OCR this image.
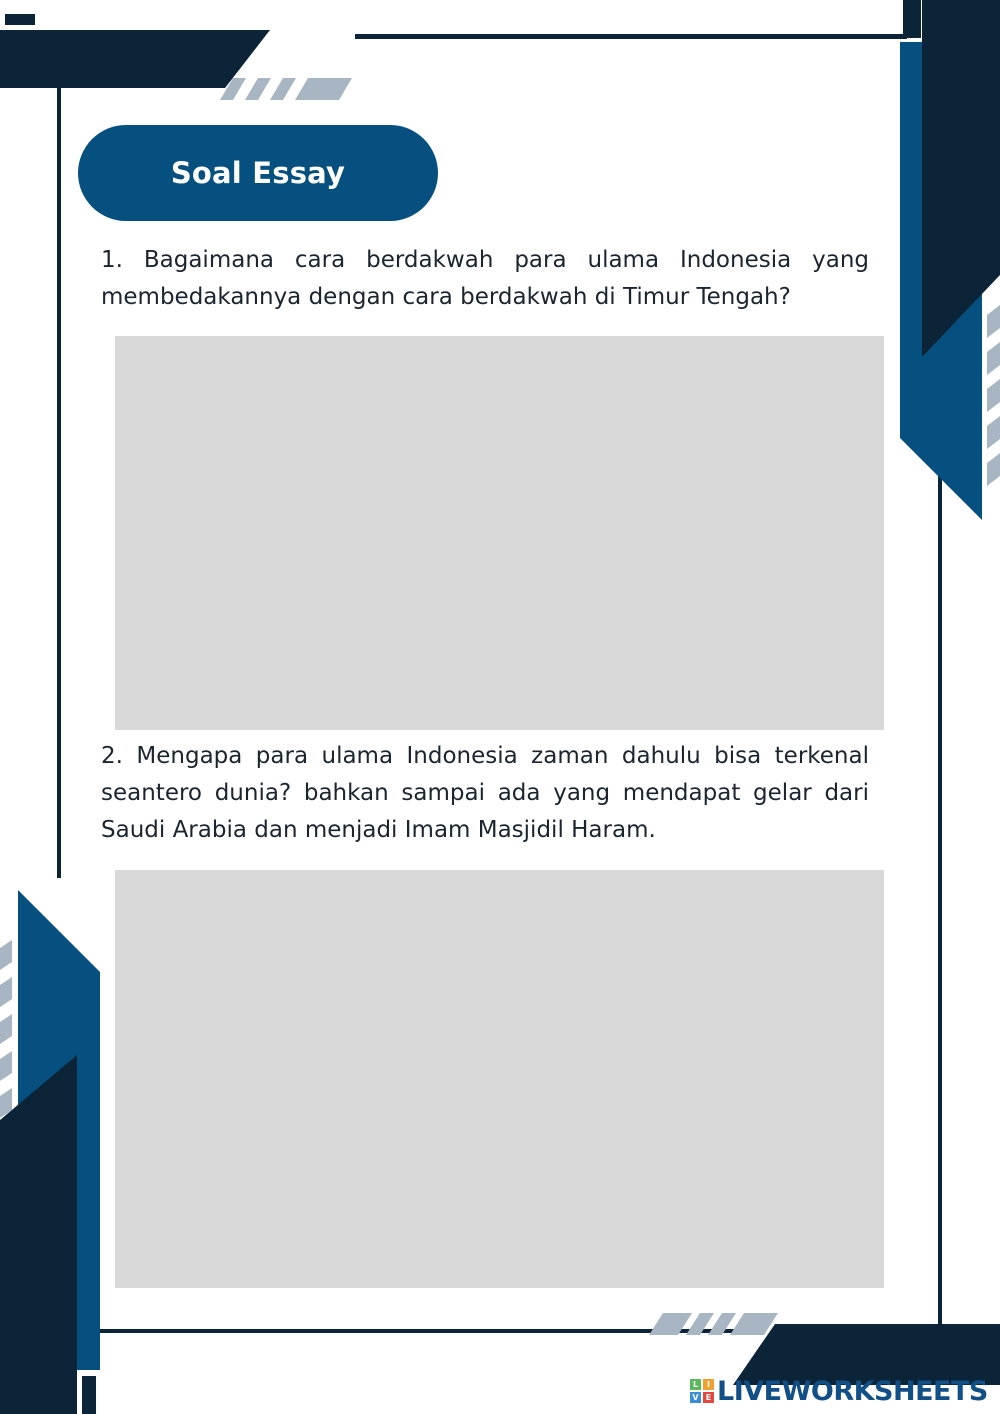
Soal Essay
1. Bagaimana cara berdakwah para ulama Indonesia yang membedakannya dengan cara berdakwah di Timur Tengah?
2. Mengapa para ulama Indonesia zaman dahulu bisa terkenal seantero dunia? bahkan sampai ada yang mendapat gelar dari Saudi Arabia dan menjadi Imam Masjidil Haram.
L	I
V E LIVEWORKSHEETS
